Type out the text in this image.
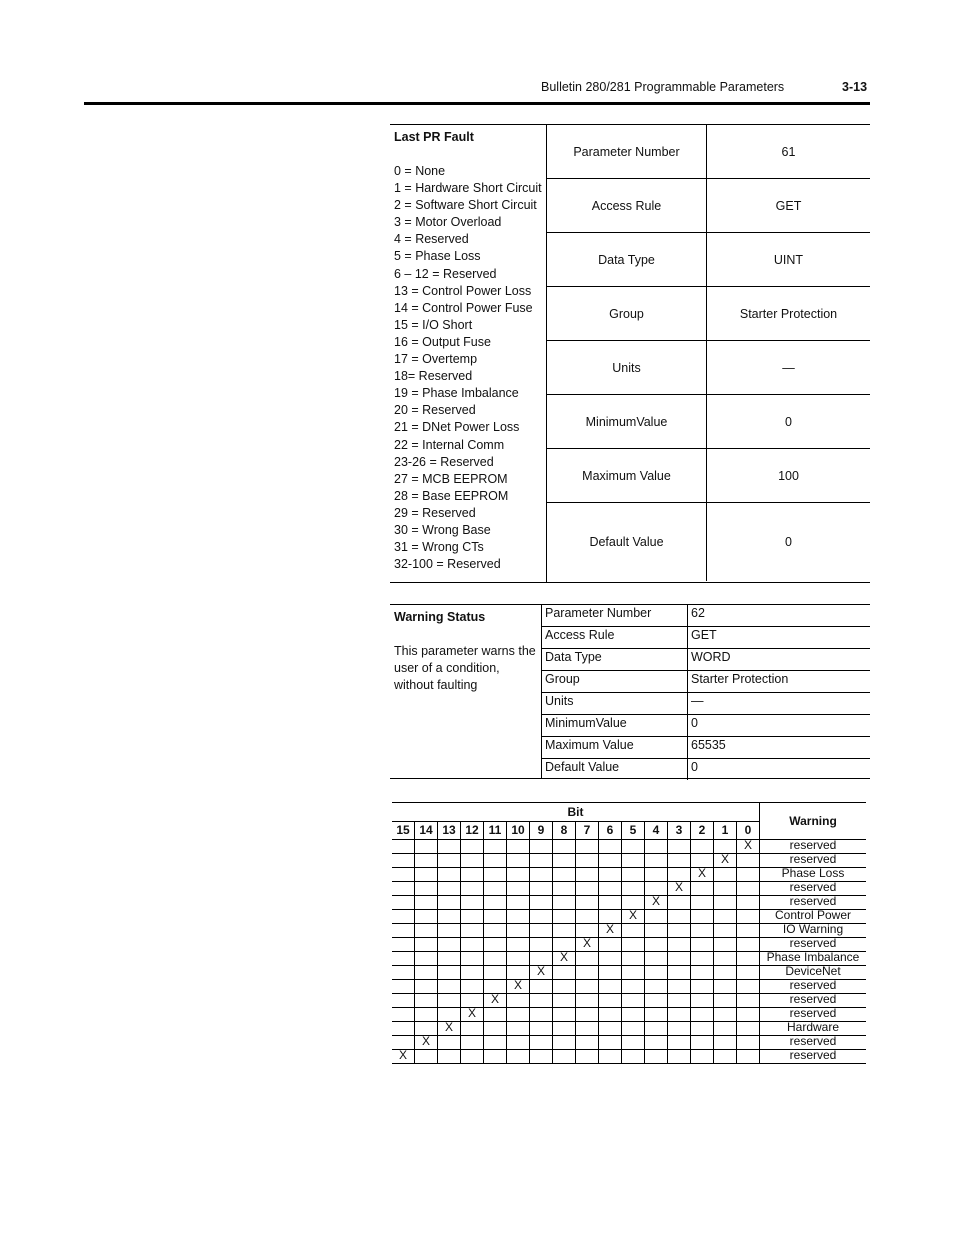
Bulletin 280/281 Programmable Parameters	3-13
Last PR Fault
0 = None
1 = Hardware Short Circuit
2 = Software Short Circuit
3 = Motor Overload
4 = Reserved
5 = Phase Loss
6 – 12 = Reserved
13 = Control Power Loss
14 = Control Power Fuse
15 = I/O Short
16 = Output Fuse
17 = Overtemp
18= Reserved
19 = Phase Imbalance
20 = Reserved
21 = DNet Power Loss
22 = Internal Comm
23-26 = Reserved
27 = MCB EEPROM
28 = Base EEPROM
29 = Reserved
30 = Wrong Base
31 = Wrong CTs
32-100 = Reserved
Parameter Number	61
Access Rule	GET
Data Type	UINT
Group	Starter Protection
Units	—
MinimumValue	0
Maximum Value	100
Default Value	0
Warning Status
This parameter warns the user of a condition, without faulting
Parameter Number	62
Access Rule	GET
Data Type	WORD
Group	Starter Protection
Units	—
MinimumValue	0
Maximum Value	65535
Default Value	0
Bit																Warning
15	14	13	12	11	10	9	8	7	6	5	4	3	2	1	0	
															X	reserved
														X		reserved
													X			Phase Loss
												X				reserved
											X					reserved
										X						Control Power
									X							IO Warning
								X								reserved
							X									Phase Imbalance
						X										DeviceNet
					X											reserved
				X												reserved
			X													reserved
		X														Hardware
	X															reserved
X																reserved
